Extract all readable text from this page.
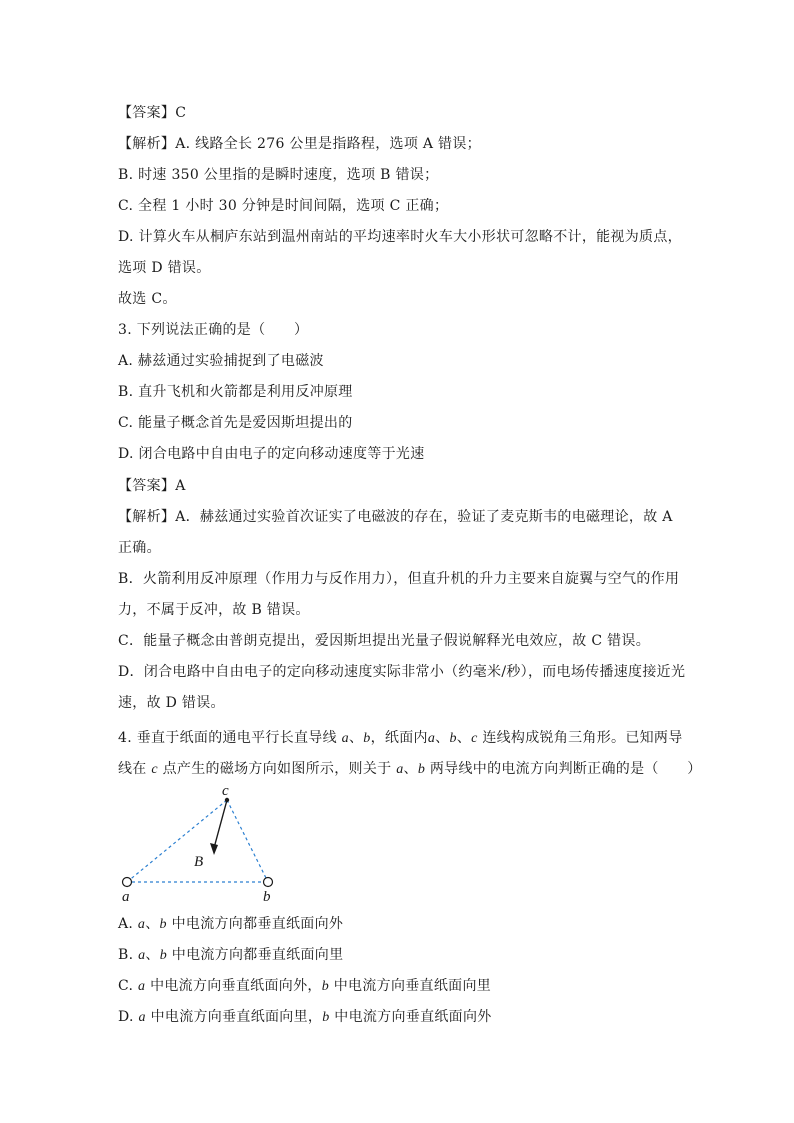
【答案】C
【解析】A. 线路全长 276 公里是指路程，选项 A 错误；
B. 时速 350 公里指的是瞬时速度，选项 B 错误；
C. 全程 1 小时 30 分钟是时间间隔，选项 C 正确；
D. 计算火车从桐庐东站到温州南站的平均速率时火车大小形状可忽略不计，能视为质点，
选项 D 错误。
故选 C。
3. 下列说法正确的是（　　）
A. 赫兹通过实验捕捉到了电磁波
B. 直升飞机和火箭都是利用反冲原理
C. 能量子概念首先是爱因斯坦提出的
D. 闭合电路中自由电子的定向移动速度等于光速
【答案】A
【解析】A．赫兹通过实验首次证实了电磁波的存在，验证了麦克斯韦的电磁理论，故 A
正确。
B．火箭利用反冲原理（作用力与反作用力），但直升机的升力主要来自旋翼与空气的作用
力，不属于反冲，故 B 错误。
C．能量子概念由普朗克提出，爱因斯坦提出光量子假说解释光电效应，故 C 错误。
D．闭合电路中自由电子的定向移动速度实际非常小（约毫米/秒），而电场传播速度接近光
速，故 D 错误。
4. 垂直于纸面的通电平行长直导线 a、b，纸面内a、b、c 连线构成锐角三角形。已知两导
线在 c 点产生的磁场方向如图所示，则关于 a、b 两导线中的电流方向判断正确的是（　　）
c
B
a	b
A. a、b 中电流方向都垂直纸面向外
B. a、b 中电流方向都垂直纸面向里
C. a 中电流方向垂直纸面向外，b 中电流方向垂直纸面向里
D. a 中电流方向垂直纸面向里，b 中电流方向垂直纸面向外
